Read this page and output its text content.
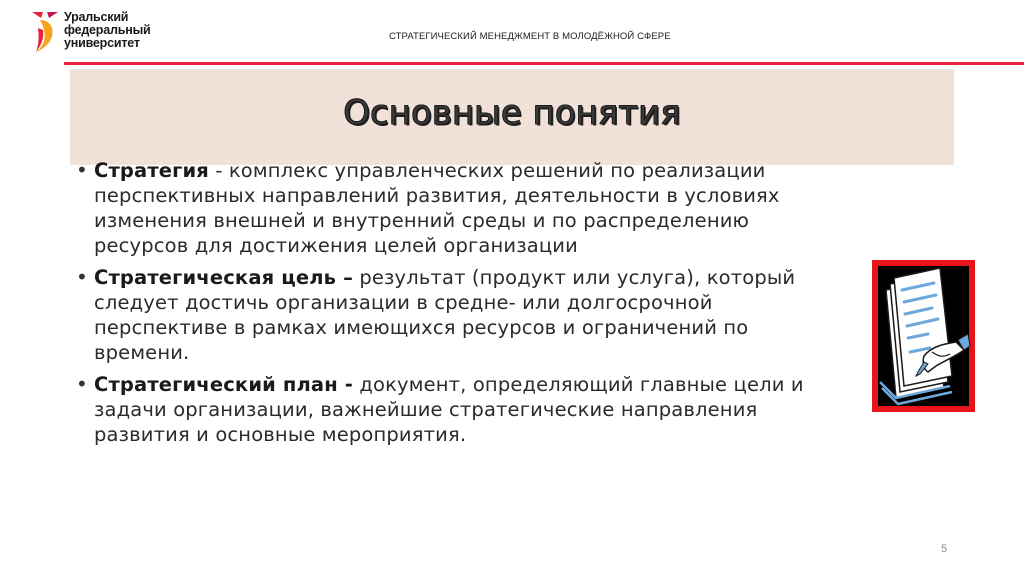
Уральский
федеральный
университет	СТРАТЕГИЧЕСКИЙ МЕНЕДЖМЕНТ В МОЛОДЁЖНОЙ СФЕРЕ
Основные понятия
• Стратегия - комплекс управленческих решений по реализации перспективных направлений развития, деятельности в условиях изменения внешней и внутренний среды и по распределению ресурсов для достижения целей организации

• Стратегическая цель – результат (продукт или услуга), который следует достичь организации в средне- или долгосрочной перспективе в рамках имеющихся ресурсов и ограничений по времени.

• Стратегический план - документ, определяющий главные цели и задачи организации, важнейшие стратегические направления развития и основные мероприятия.

5
